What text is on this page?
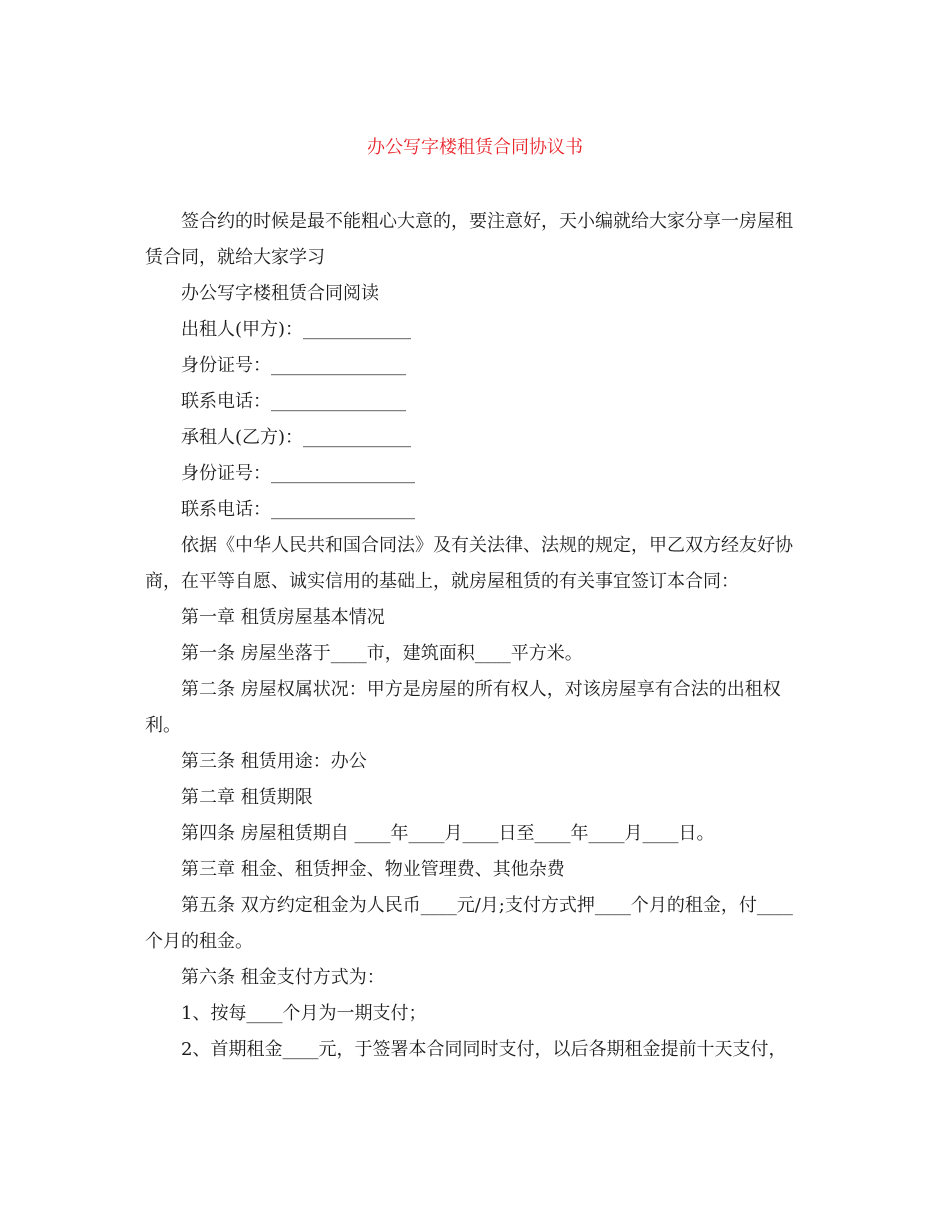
办公写字楼租赁合同协议书

签合约的时候是最不能粗心大意的，要注意好，天小编就给大家分享一房屋租赁合同，就给大家学习

办公写字楼租赁合同阅读

出租人(甲方)：____________

身份证号：_______________

联系电话：_______________

承租人(乙方)：____________

身份证号：________________

联系电话：________________

依据《中华人民共和国合同法》及有关法律、法规的规定，甲乙双方经友好协商，在平等自愿、诚实信用的基础上，就房屋租赁的有关事宜签订本合同：

第一章 租赁房屋基本情况

第一条 房屋坐落于____市，建筑面积____平方米。

第二条 房屋权属状况：甲方是房屋的所有权人，对该房屋享有合法的出租权利。

第三条 租赁用途：办公

第二章 租赁期限

第四条 房屋租赁期自 ____年____月____日至____年____月____日。

第三章 租金、租赁押金、物业管理费、其他杂费

第五条 双方约定租金为人民币____元/月;支付方式押____个月的租金，付____个月的租金。

第六条 租金支付方式为：

1、按每____个月为一期支付；

2、首期租金____元，于签署本合同同时支付，以后各期租金提前十天支付，
